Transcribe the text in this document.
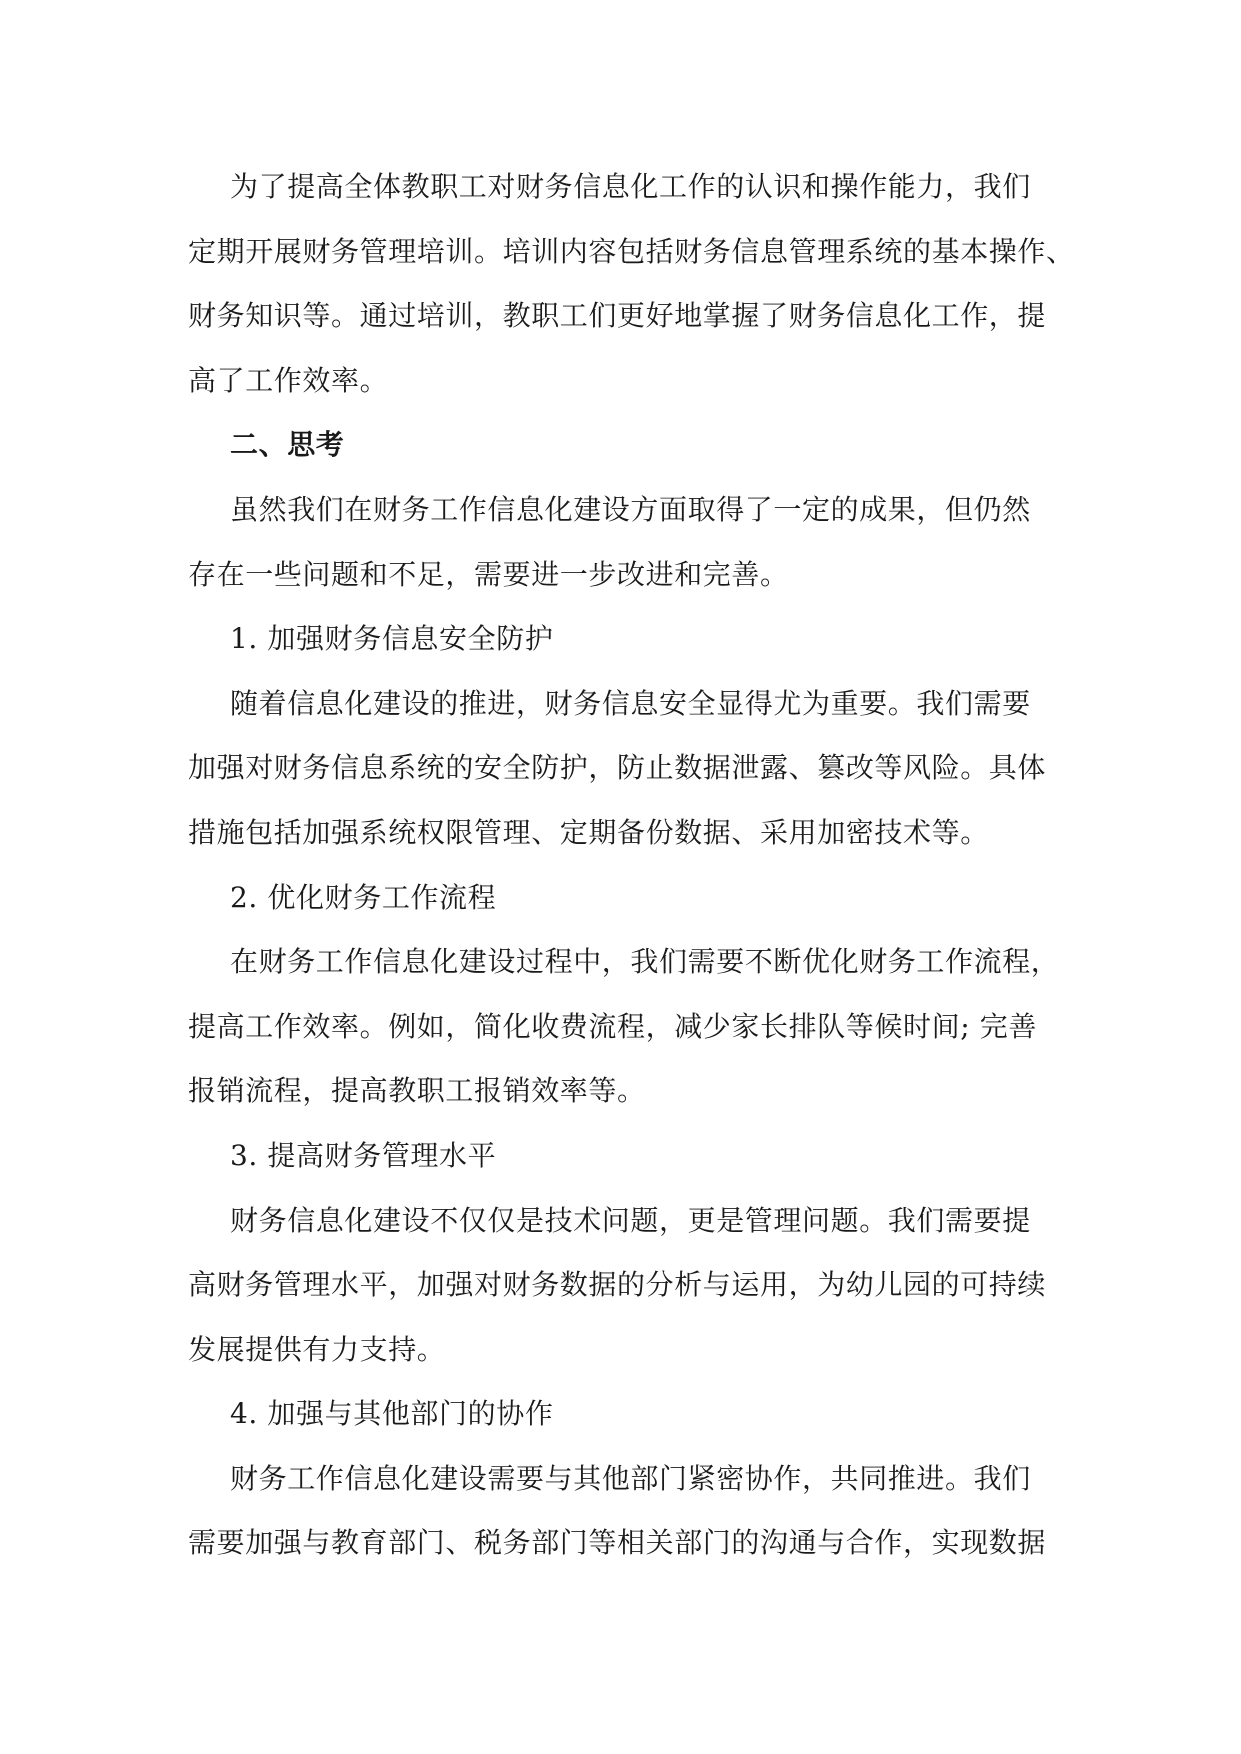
为了提高全体教职工对财务信息化工作的认识和操作能力，我们
定期开展财务管理培训。培训内容包括财务信息管理系统的基本操作、
财务知识等。通过培训，教职工们更好地掌握了财务信息化工作，提
高了工作效率。
二、思考
虽然我们在财务工作信息化建设方面取得了一定的成果，但仍然
存在一些问题和不足，需要进一步改进和完善。
1. 加强财务信息安全防护
随着信息化建设的推进，财务信息安全显得尤为重要。我们需要
加强对财务信息系统的安全防护，防止数据泄露、篡改等风险。具体
措施包括加强系统权限管理、定期备份数据、采用加密技术等。
2. 优化财务工作流程
在财务工作信息化建设过程中，我们需要不断优化财务工作流程，
提高工作效率。例如，简化收费流程，减少家长排队等候时间; 完善
报销流程，提高教职工报销效率等。
3. 提高财务管理水平
财务信息化建设不仅仅是技术问题，更是管理问题。我们需要提
高财务管理水平，加强对财务数据的分析与运用，为幼儿园的可持续
发展提供有力支持。
4. 加强与其他部门的协作
财务工作信息化建设需要与其他部门紧密协作，共同推进。我们
需要加强与教育部门、税务部门等相关部门的沟通与合作，实现数据
